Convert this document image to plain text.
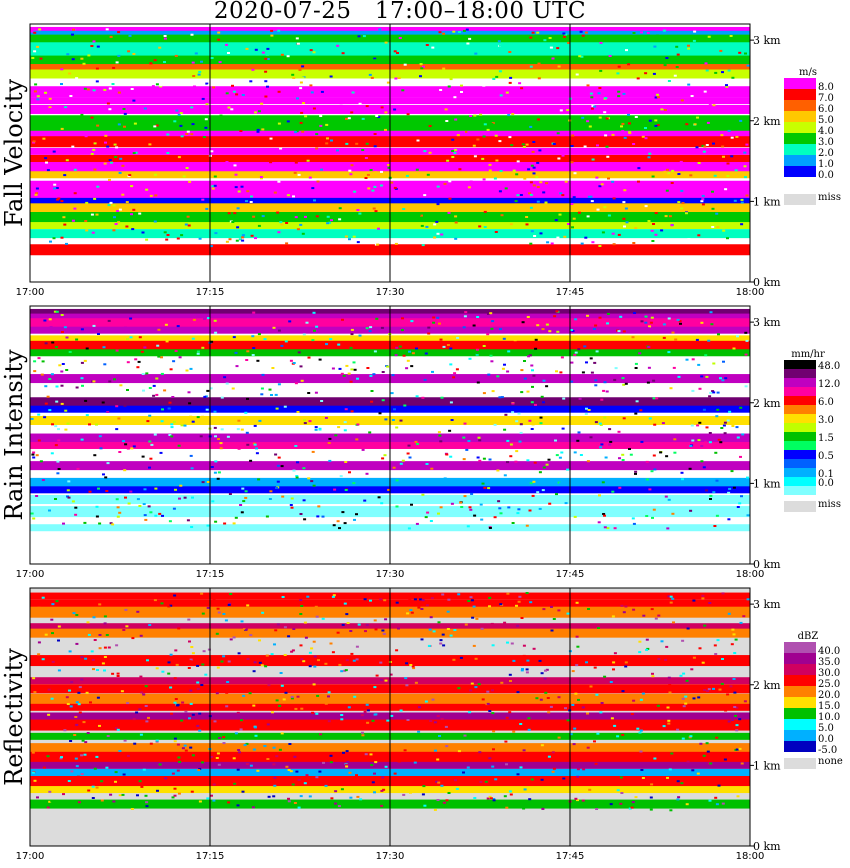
2020-07-25   17:00–18:00 UTC
17:00	17:15	17:30	17:45	18:00
0 km
1 km
2 km
3 km
Fall Velocity
m/s
8.0
7.0
6.0
5.0
4.0
3.0
2.0
1.0
0.0
miss
17:00	17:15	17:30	17:45	18:00
0 km
1 km
2 km
3 km
Rain Intensity	mm/hr
48.0
12.0
6.0
3.0
1.5
0.5
0.1
0.0
miss
17:00	17:15	17:30	17:45	18:00
0 km
1 km
2 km
3 km
Reflectivity
dBZ
40.0
35.0
30.0
25.0
20.0
15.0
10.0
5.0
0.0
-5.0
none
